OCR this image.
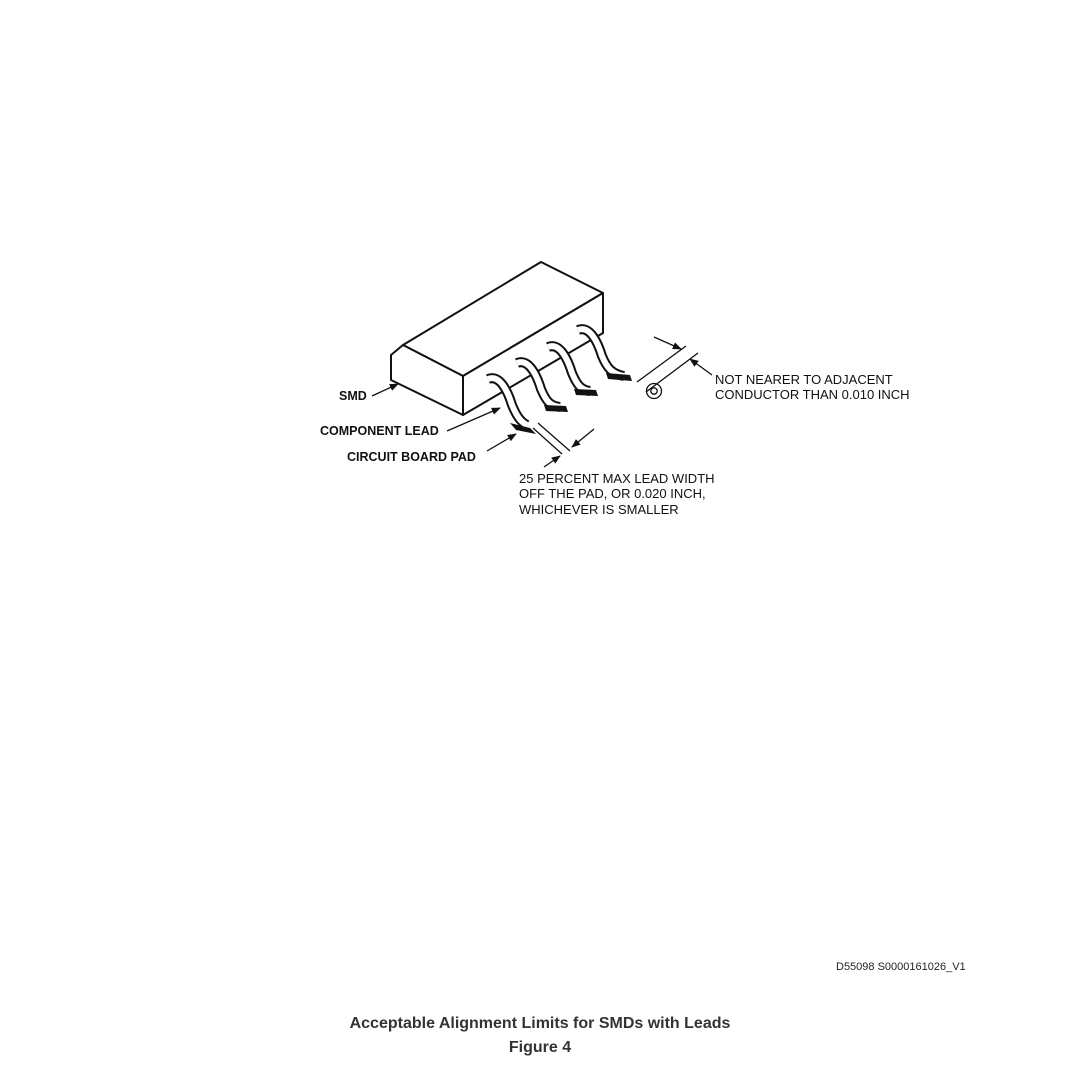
SMD
COMPONENT LEAD
CIRCUIT BOARD PAD
NOT NEARER TO ADJACENT
CONDUCTOR THAN 0.010 INCH
25 PERCENT MAX LEAD WIDTH
OFF THE PAD, OR 0.020 INCH,
WHICHEVER IS SMALLER
D55098 S0000161026_V1
Acceptable Alignment Limits for SMDs with Leads
Figure 4
